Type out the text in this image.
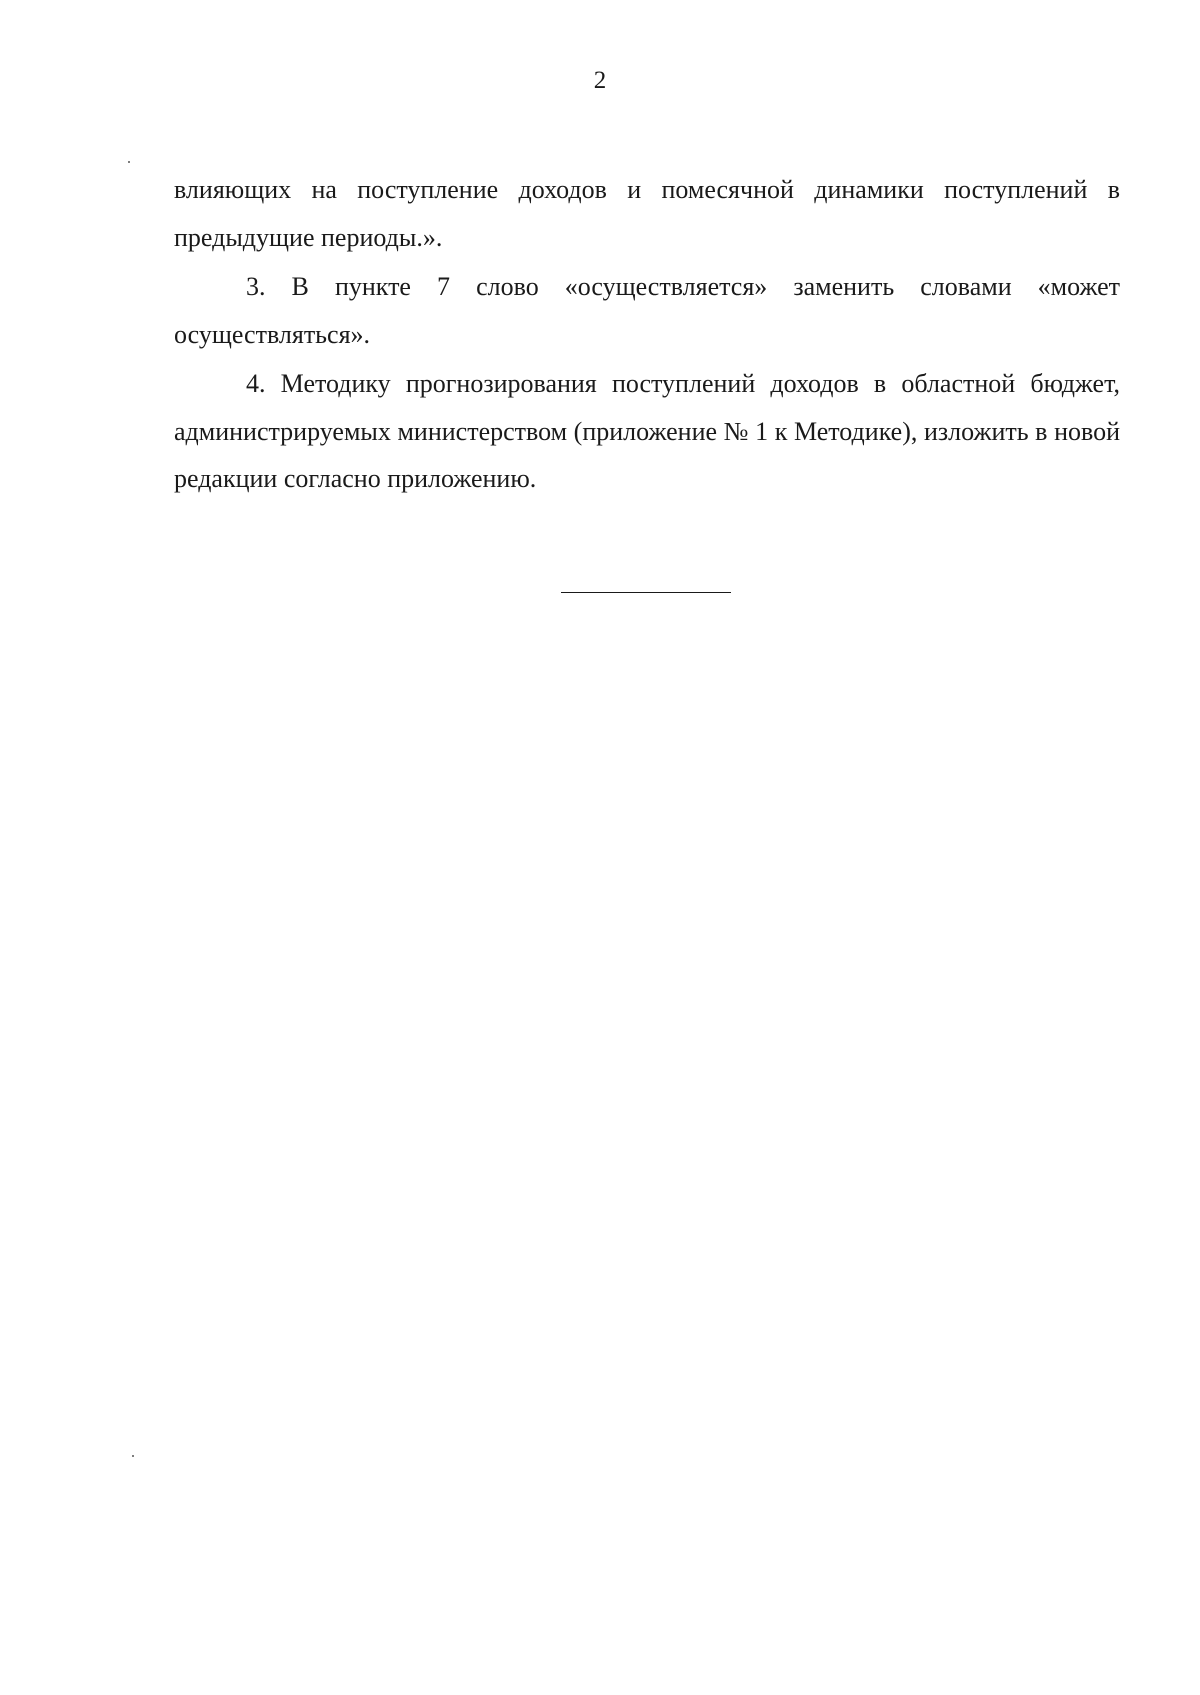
2

влияющих на поступление доходов и помесячной динамики поступлений в предыдущие периоды.».

3. В пункте 7 слово «осуществляется» заменить словами «может осуществляться».

4. Методику прогнозирования поступлений доходов в областной бюджет, администрируемых министерством (приложение № 1 к Методике), изложить в новой редакции согласно приложению.
